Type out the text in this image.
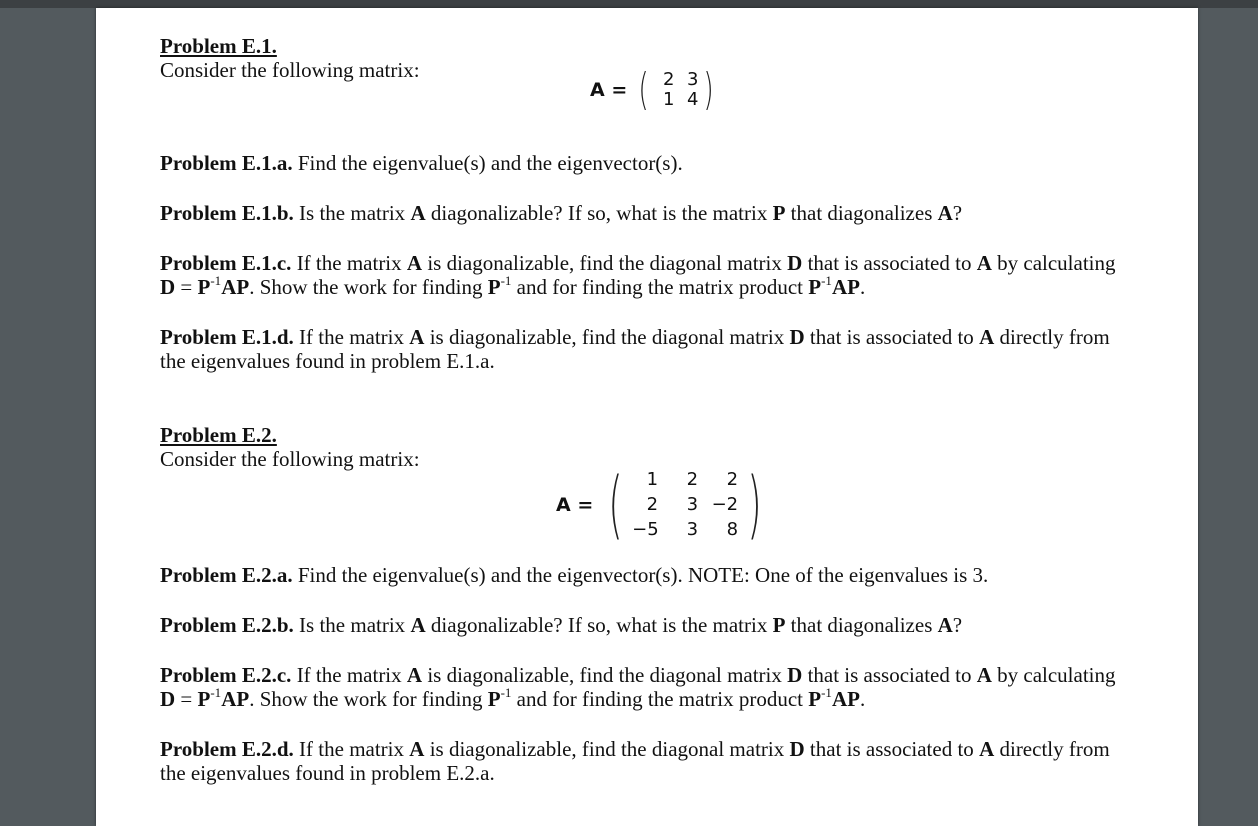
Problem E.1.
Consider the following matrix:
A = ( 2 3
1 4 )
Problem E.1.a. Find the eigenvalue(s) and the eigenvector(s).
Problem E.1.b. Is the matrix A diagonalizable? If so, what is the matrix P that diagonalizes A?
Problem E.1.c. If the matrix A is diagonalizable, find the diagonal matrix D that is associated to A by calculating
$D = P^{-1}AP$. Show the work for finding $P^{-1}$ and for finding the matrix product $P^{-1}AP$.
Problem E.1.d. If the matrix A is diagonalizable, find the diagonal matrix D that is associated to A directly from
the eigenvalues found in problem E.1.a.
Problem E.2.
Consider the following matrix:
A = (	1	2	2
2	3 −2
−5	3	8 )
Problem E.2.a. Find the eigenvalue(s) and the eigenvector(s). NOTE: One of the eigenvalues is 3.
Problem E.2.b. Is the matrix A diagonalizable? If so, what is the matrix P that diagonalizes A?
Problem E.2.c. If the matrix A is diagonalizable, find the diagonal matrix D that is associated to A by calculating
$D = P^{-1}AP$. Show the work for finding $P^{-1}$ and for finding the matrix product $P^{-1}AP$.
Problem E.2.d. If the matrix A is diagonalizable, find the diagonal matrix D that is associated to A directly from
the eigenvalues found in problem E.2.a.
